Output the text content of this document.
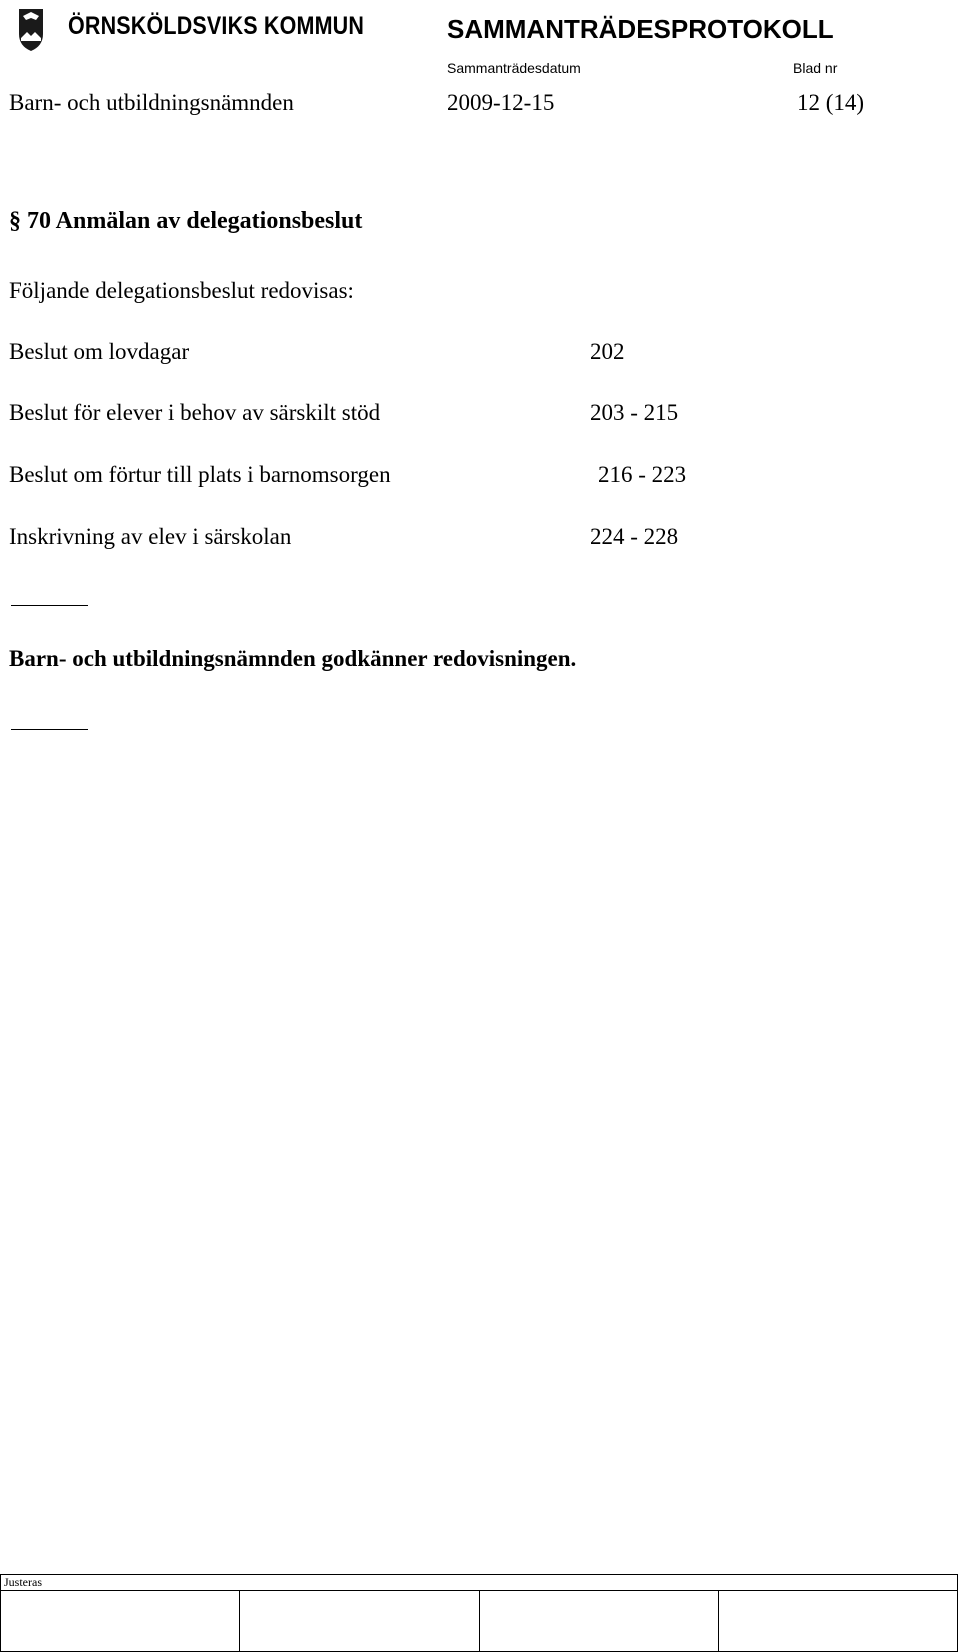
ÖRNSKÖLDSVIKS KOMMUN	SAMMANTRÄDESPROTOKOLL
Sammanträdesdatum	Blad nr
Barn- och utbildningsnämnden	2009-12-15	12 (14)
§ 70 Anmälan av delegationsbeslut
Följande delegationsbeslut redovisas:
Beslut om lovdagar	202
Beslut för elever i behov av särskilt stöd	203 - 215
Beslut om förtur till plats i barnomsorgen	216 - 223
Inskrivning av elev i särskolan	224 - 228
Barn- och utbildningsnämnden godkänner redovisningen.
Justeras
